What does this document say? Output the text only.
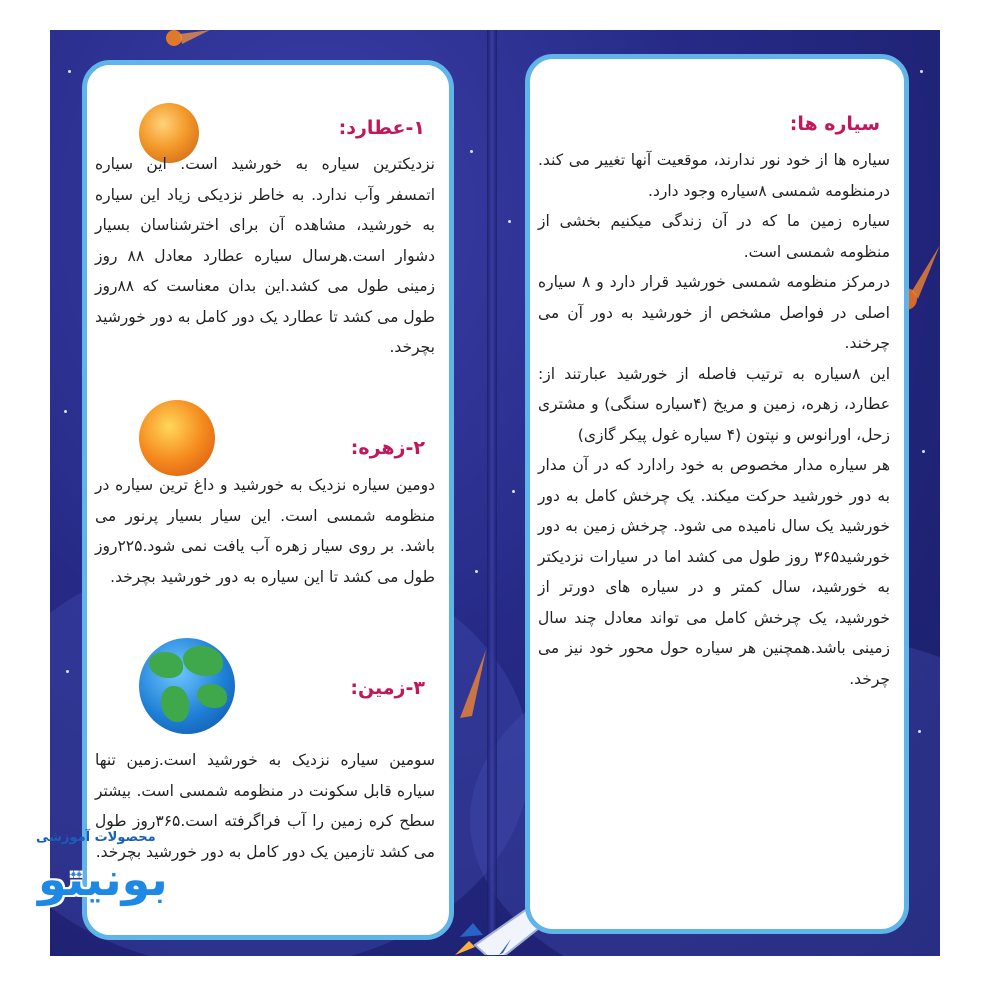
۱-عطارد:
نزدیکترین سیاره به خورشید است. این سیاره اتمسفر وآب ندارد. به خاطر نزدیکی زیاد این سیاره به خورشید، مشاهده آن برای اخترشناسان بسیار دشوار است.هرسال سیاره عطارد معادل ۸۸ روز زمینی طول می کشد.این بدان معناست که ۸۸روز طول می کشد تا عطارد یک دور کامل به دور خورشید بچرخد.
۲-زهره:
دومین سیاره نزدیک به خورشید و داغ ترین سیاره در منظومه شمسی است. این سیار بسیار پرنور می باشد. بر روی سیار زهره آب یافت نمی شود.۲۲۵روز طول می کشد تا این سیاره به دور خورشید بچرخد.
۳-زمین:
سومین سیاره نزدیک به خورشید است.زمین تنها سیاره قابل سکونت در منظومه شمسی است. بیشتر سطح کره زمین را آب فراگرفته است.۳۶۵روز طول می کشد تازمین یک دور کامل به دور خورشید بچرخد.
سیاره ها:

سیاره ها از خود نور ندارند، موقعیت آنها تغییر می کند. درمنظومه شمسی ۸سیاره وجود دارد.

سیاره زمین ما که در آن زندگی میکنیم بخشی از منظومه شمسی است.

درمرکز منظومه شمسی خورشید قرار دارد و ۸ سیاره اصلی در فواصل مشخص از خورشید به دور آن می چرخند.

این ۸سیاره به ترتیب فاصله از خورشید عبارتند از: عطارد، زهره، زمین و مریخ (۴سیاره سنگی) و مشتری زحل، اورانوس و نپتون (۴ سیاره غول پیکر گازی)

هر سیاره مدار مخصوص به خود رادارد که در آن مدار به دور خورشید حرکت میکند. یک چرخش کامل به دور خورشید یک سال نامیده می شود. چرخش زمین به دور خورشید۳۶۵ روز طول می کشد اما در سیارات نزدیکتر به خورشید، سال کمتر و در سیاره های دورتر از خورشید، یک چرخش کامل می تواند معادل چند سال زمینی باشد.همچنین هر سیاره حول محور خود نیز می چرخد.

محصولات آموزشی
بونیتو
